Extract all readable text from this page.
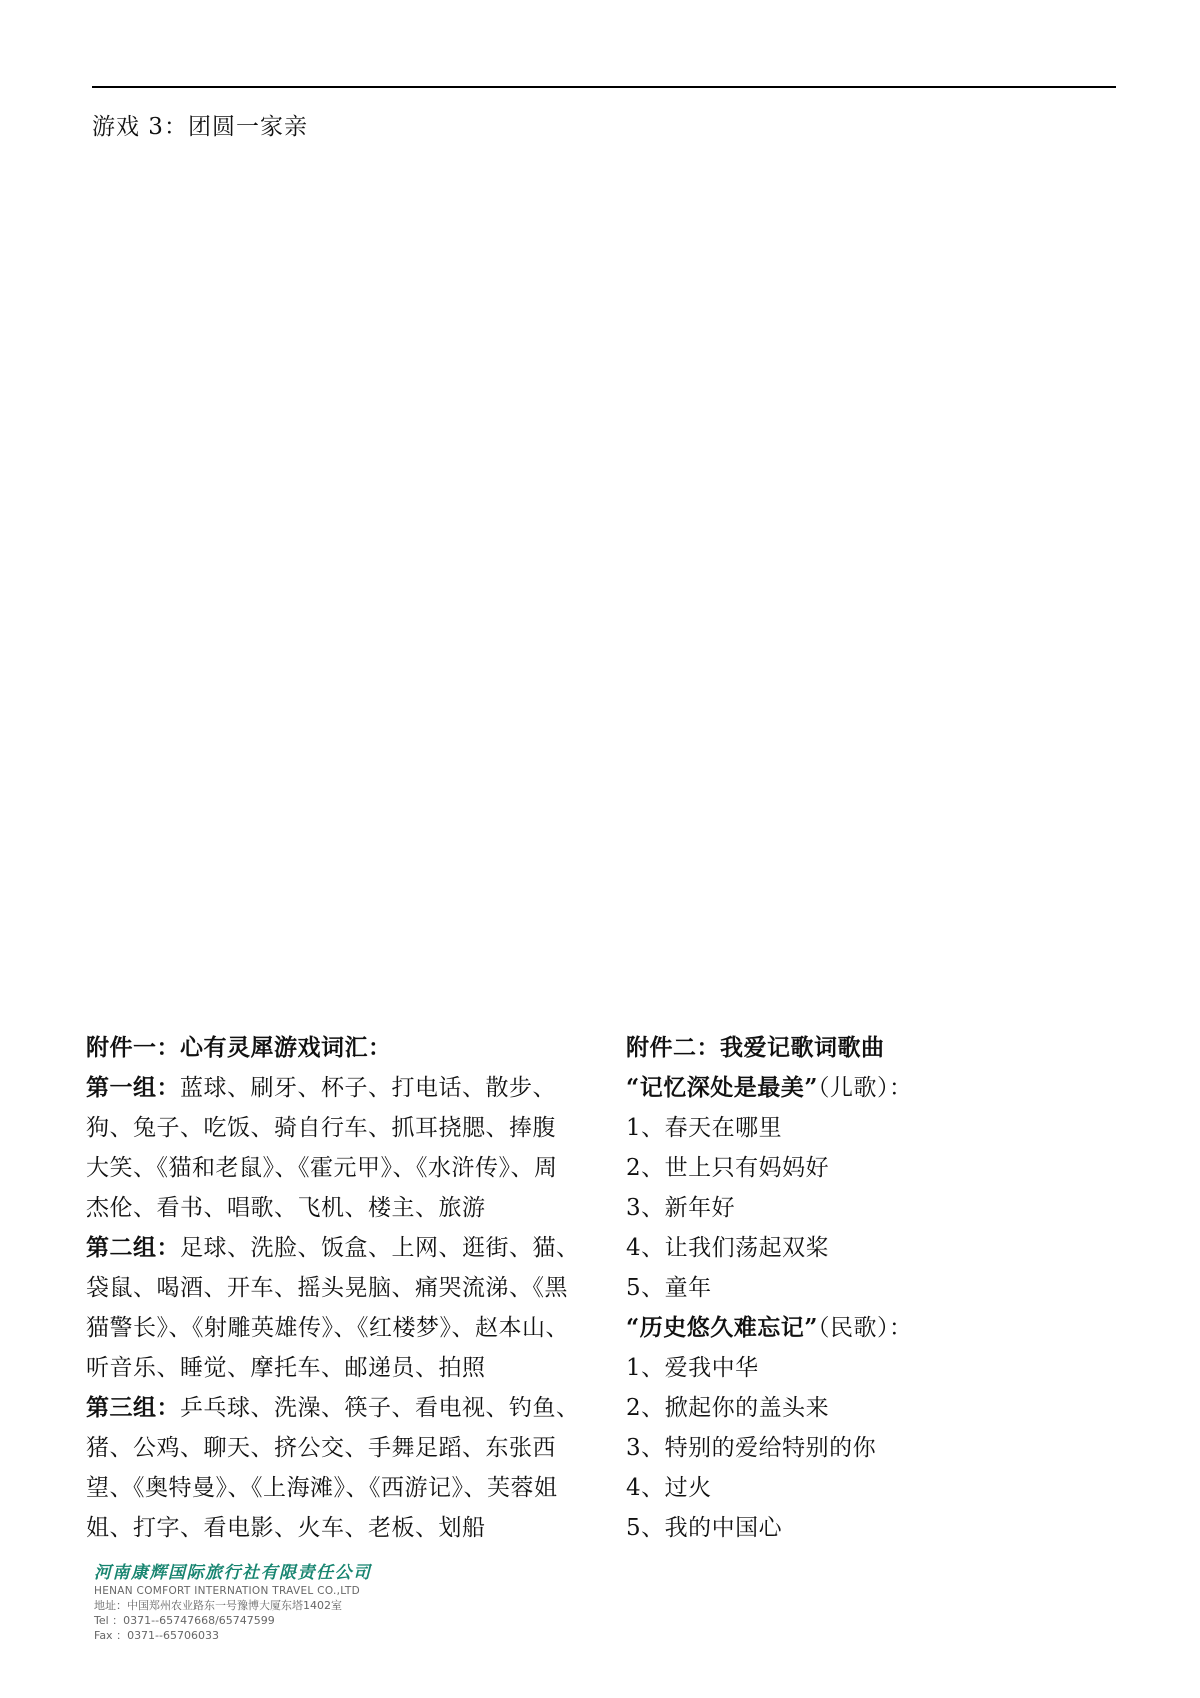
游戏 3：团圆一家亲
附件一：心有灵犀游戏词汇：
第一组：蓝球、刷牙、杯子、打电话、散步、
狗、兔子、吃饭、骑自行车、抓耳挠腮、捧腹
大笑、《猫和老鼠》、《霍元甲》、《水浒传》、周
杰伦、看书、唱歌、飞机、楼主、旅游
第二组：足球、洗脸、饭盒、上网、逛街、猫、
袋鼠、喝酒、开车、摇头晃脑、痛哭流涕、《黑
猫警长》、《射雕英雄传》、《红楼梦》、赵本山、
听音乐、睡觉、摩托车、邮递员、拍照
第三组：乒乓球、洗澡、筷子、看电视、钓鱼、
猪、公鸡、聊天、挤公交、手舞足蹈、东张西
望、《奥特曼》、《上海滩》、《西游记》、芙蓉姐
姐、打字、看电影、火车、老板、划船
附件二：我爱记歌词歌曲
“记忆深处是最美”（儿歌）：
1、春天在哪里
2、世上只有妈妈好
3、新年好
4、让我们荡起双桨
5、童年
“历史悠久难忘记”（民歌）：
1、爱我中华
2、掀起你的盖头来
3、特别的爱给特别的你
4、过火
5、我的中国心
河南康辉国际旅行社有限责任公司
HENAN COMFORT INTERNATION TRAVEL CO.,LTD
地址：中国郑州农业路东一号豫博大厦东塔1402室
Tel ：0371--65747668/65747599
Fax ：0371--65706033
